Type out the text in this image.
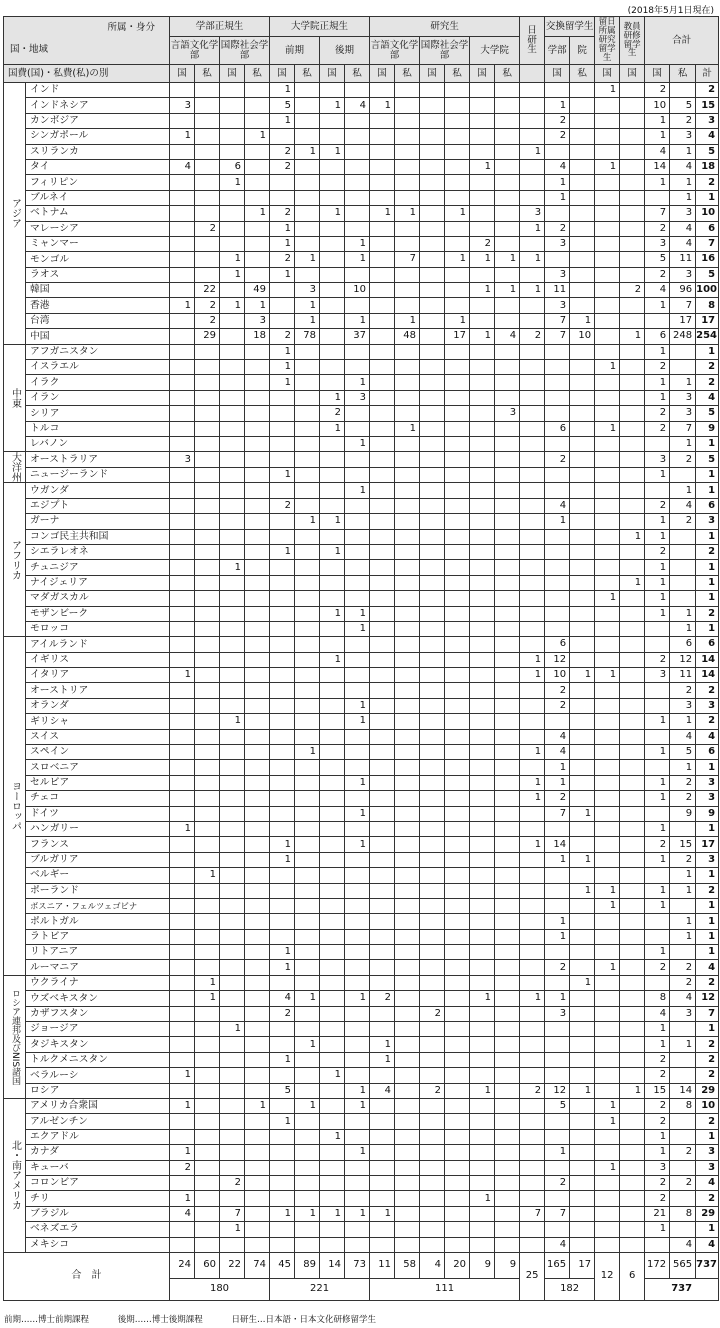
(2018年5月1日現在)
所属・身分
国・地域		学部正規生				大学院正規生				研究生						日研生	交換留学生		留日所属研究留学生	教員研修留学生	合計		
		言語文化学部		国際社会学部		前期		後期		言語文化学部		国際社会学部		大学院			学部	院					
国費(国)・私費(私)の別		国	私	国	私	国	私	国	私	国	私	国	私	国	私		国	私	国	国	国	私	計

アジア	インド					1													1		2		2
	インドネシア	3				5		1	4	1							1				10	5	15
	カンボジア					1											2				1	2	3
	シンガポール	1			1												2				1	3	4
	スリランカ					2	1	1								1					4	1	5
	タイ	4		6		2								1			4		1		14	4	18
	フィリピン			1													1				1	1	2
	ブルネイ																1					1	1
	ベトナム				1	2		1		1	1		1			3					7	3	10
	マレーシア		2			1										1	2				2	4	6
	ミャンマー					1			1					2			3				3	4	7
	モンゴル			1		2	1		1		7		1	1	1	1					5	11	16
	ラオス			1		1											3				2	3	5
	韓国		22		49		3		10					1	1	1	11			2	4	96	100
	香港	1	2	1	1		1										3				1	7	8
	台湾		2		3		1		1		1		1				7	1				17	17
	中国		29		18	2	78		37		48		17	1	4	2	7	10		1	6	248	254

中東	アフガニスタン					1															1		1
	イスラエル					1													1		2		2
	イラク					1			1												1	1	2
	イラン							1	3												1	3	4
	シリア							2							3						2	3	5
	トルコ							1			1						6		1		2	7	9
	レバノン								1													1	1

大洋州	オーストラリア	3															2				3	2	5
	ニュージーランド					1															1		1

アフリカ	ウガンダ								1													1	1
	エジプト					2											4				2	4	6
	ガーナ						1	1									1				1	2	3
	コンゴ民主共和国																			1	1		1
	シエラレオネ					1		1													2		2
	チュニジア			1																	1		1
	ナイジェリア																			1	1		1
	マダガスカル																		1		1		1
	モザンビーク							1	1												1	1	2
	モロッコ								1													1	1

ヨーロッパ	アイルランド																6					6	6
	イギリス							1								1	12				2	12	14
	イタリア	1														1	10	1	1		3	11	14
	オーストリア																2					2	2
	オランダ								1								2					3	3
	ギリシャ			1					1												1	1	2
	スイス																4					4	4
	スペイン						1									1	4				1	5	6
	スロベニア																1					1	1
	セルビア								1							1	1				1	2	3
	チェコ															1	2				1	2	3
	ドイツ								1								7	1				9	9
	ハンガリー	1																			1		1
	フランス					1			1							1	14				2	15	17
	ブルガリア					1											1	1			1	2	3
	ベルギー		1																			1	1
	ポーランド																	1	1		1	1	2
	ボスニア・フェルツェゴビナ																		1		1		1
	ポルトガル																1					1	1
	ラトビア																1					1	1
	リトアニア					1															1		1
	ルーマニア					1											2		1		2	2	4

ロシア連邦及びNIS諸国	ウクライナ		1															1				2	2
	ウズベキスタン		1			4	1		1	2				1		1	1				8	4	12
	カザフスタン					2						2					3				4	3	7
	ジョージア			1																	1		1
	タジキスタン						1			1											1	1	2
	トルクメニスタン					1				1											2		2
	ベラルーシ	1						1													2		2
	ロシア					5			1	4		2		1		2	12	1		1	15	14	29

北・南アメリカ	アメリカ合衆国	1			1		1		1								5		1		2	8	10
	アルゼンチン					1													1		2		2
	エクアドル							1													1		1
	カナダ	1							1								1				1	2	3
	キューバ	2																	1		3		3
	コロンビア			2													2				2	2	4
	チリ	1												1							2		2
	ブラジル	4		7		1	1	1	1	1						7	7				21	8	29
	ベネズエラ			1																	1		1
	メキシコ																4					4	4
合　計		24	60	22	74	45	89	14	73	11	58	4	20	9	9	25	165	17	12	6	172	565	737
		180				221				111							182				737		
前期……博士前期課程	後期……博士後期課程	日研生…日本語・日本文化研修留学生
